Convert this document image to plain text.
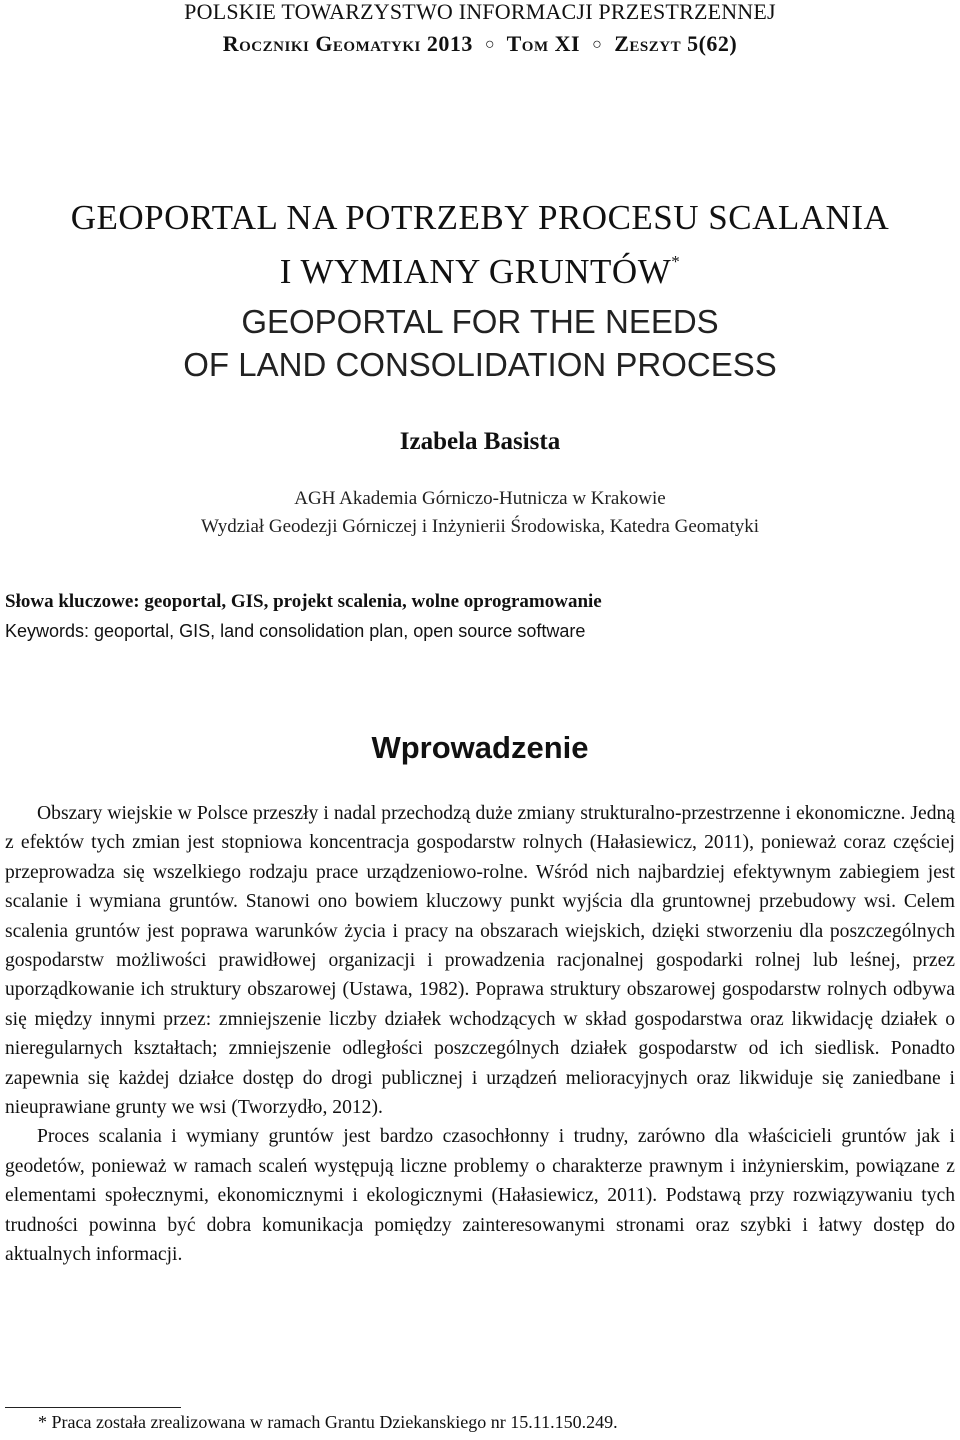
POLSKIE TOWARZYSTWO INFORMACJI PRZESTRZENNEJ
Roczniki Geomatyki 2013 ○ Tom XI ○ Zeszyt 5(62)
GEOPORTAL NA POTRZEBY PROCESU SCALANIA
I WYMIANY GRUNTÓW*
GEOPORTAL FOR THE NEEDS
OF LAND CONSOLIDATION PROCESS
Izabela Basista
AGH Akademia Górniczo-Hutnicza w Krakowie
Wydział Geodezji Górniczej i Inżynierii Środowiska, Katedra Geomatyki
Słowa kluczowe: geoportal, GIS, projekt scalenia, wolne oprogramowanie
Keywords: geoportal, GIS, land consolidation plan, open source software
Wprowadzenie

Obszary wiejskie w Polsce przeszły i nadal przechodzą duże zmiany strukturalno-przestrzenne i ekonomiczne. Jedną z efektów tych zmian jest stopniowa koncentracja gospodarstw rolnych (Hałasiewicz, 2011), ponieważ coraz częściej przeprowadza się wszelkiego rodzaju prace urządzeniowo-rolne. Wśród nich najbardziej efektywnym zabiegiem jest scalanie i wymiana gruntów. Stanowi ono bowiem kluczowy punkt wyjścia dla gruntownej przebudowy wsi. Celem scalenia gruntów jest poprawa warunków życia i pracy na obszarach wiejskich, dzięki stworzeniu dla poszczególnych gospodarstw możliwości prawidłowej organizacji i prowadzenia racjonalnej gospodarki rolnej lub leśnej, przez uporządkowanie ich struktury obszarowej (Ustawa, 1982). Poprawa struktury obszarowej gospodarstw rolnych odbywa się między innymi przez: zmniejszenie liczby działek wchodzących w skład gospodarstwa oraz likwidację działek o nieregularnych kształtach; zmniejszenie odległości poszczególnych działek gospodarstw od ich siedlisk. Ponadto zapewnia się każdej działce dostęp do drogi publicznej i urządzeń melioracyjnych oraz likwiduje się zaniedbane i nieuprawiane grunty we wsi (Tworzydło, 2012).

Proces scalania i wymiany gruntów jest bardzo czasochłonny i trudny, zarówno dla właścicieli gruntów jak i geodetów, ponieważ w ramach scaleń występują liczne problemy o charakterze prawnym i inżynierskim, powiązane z elementami społecznymi, ekonomicznymi i ekologicznymi (Hałasiewicz, 2011). Podstawą przy rozwiązywaniu tych trudności powinna być dobra komunikacja pomiędzy zainteresowanymi stronami oraz szybki i łatwy dostęp do aktualnych informacji.

* Praca została zrealizowana w ramach Grantu Dziekanskiego nr 15.11.150.249.
